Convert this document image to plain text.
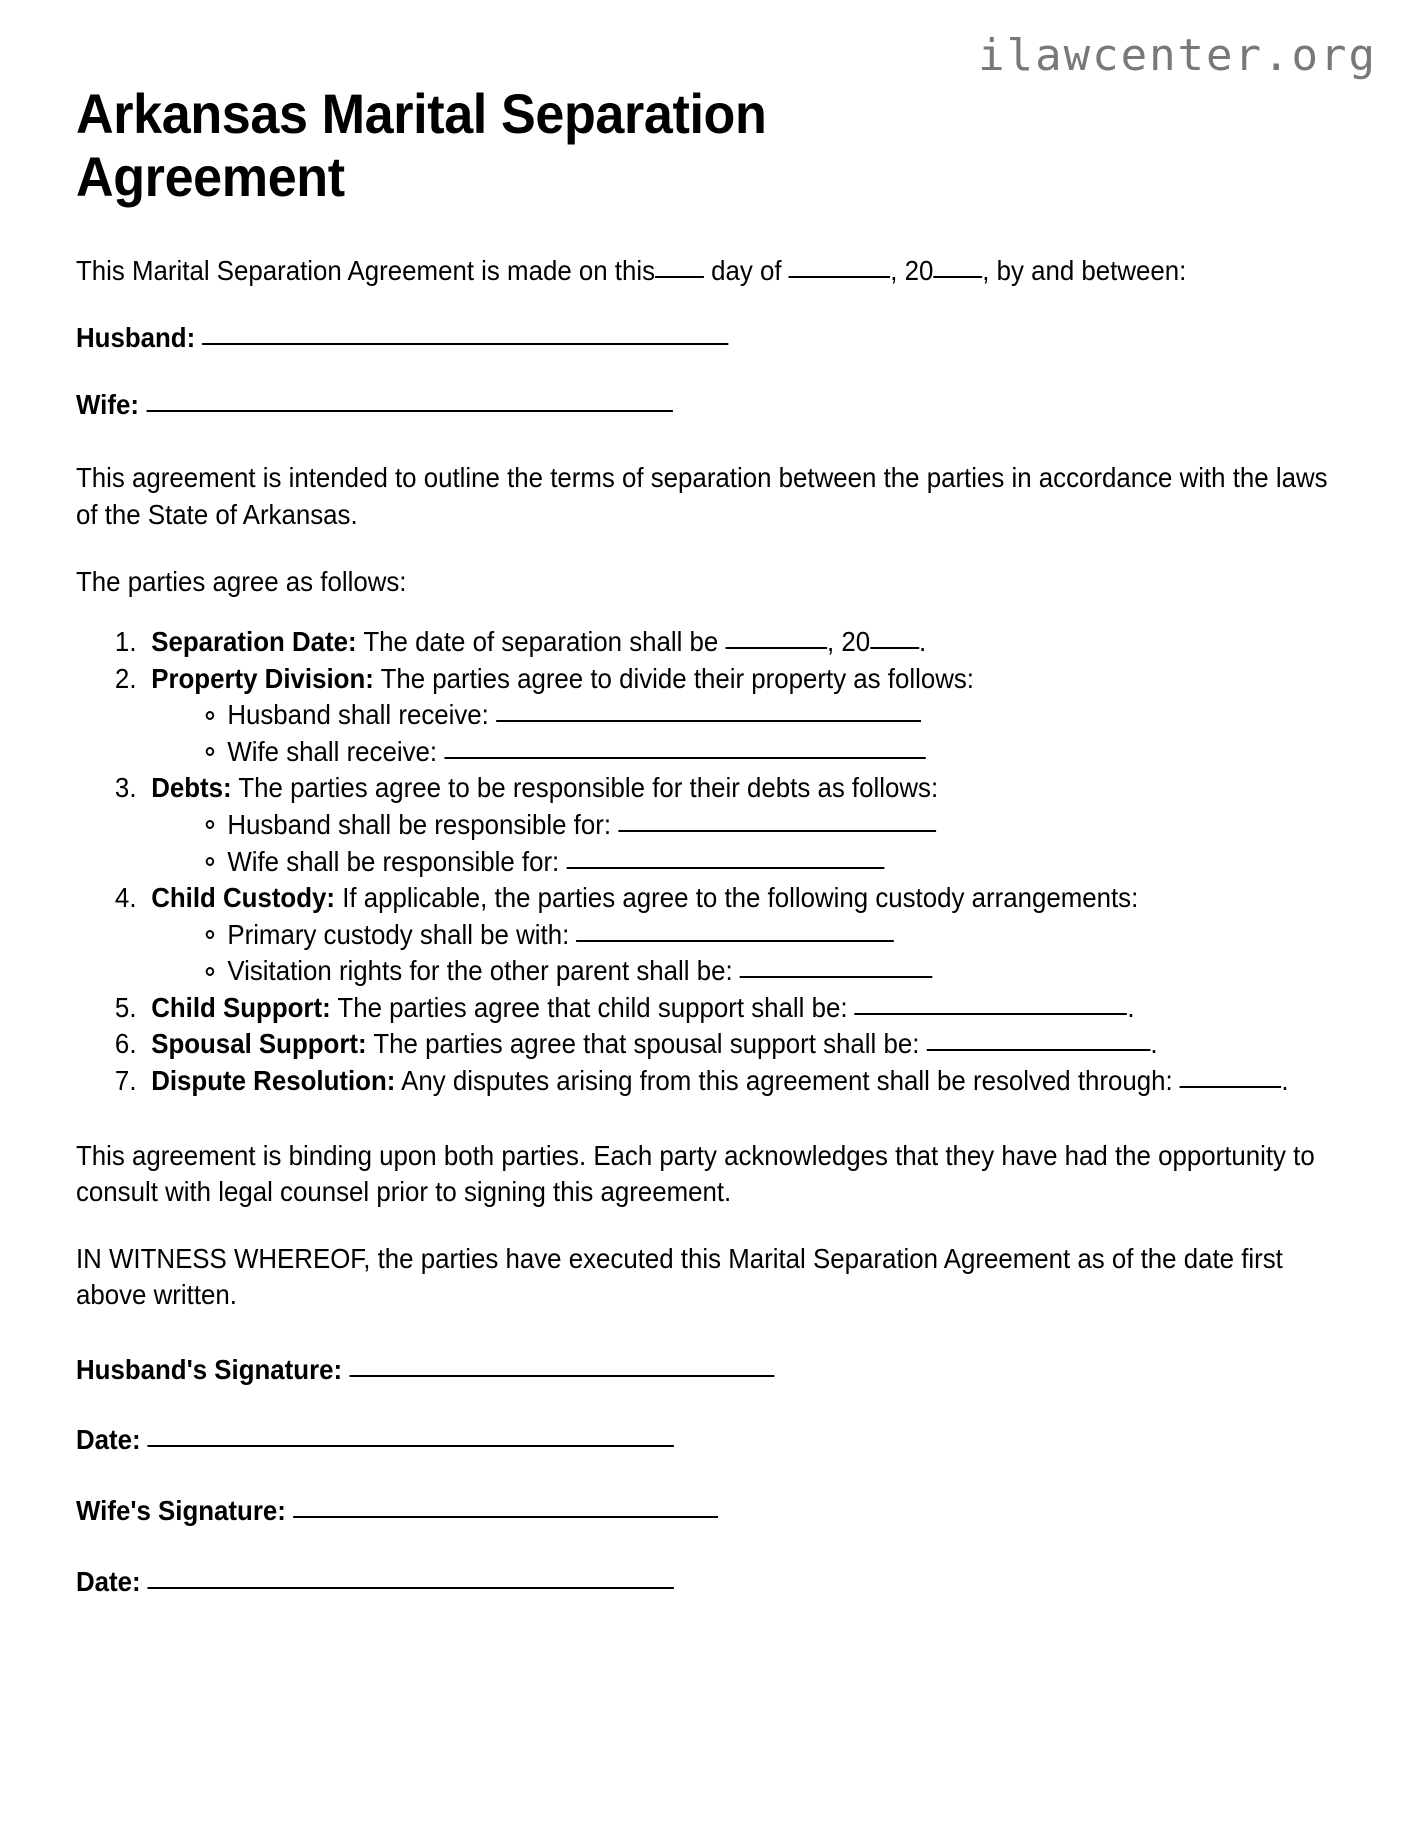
ilawcenter.org
Arkansas Marital Separation Agreement

This Marital Separation Agreement is made on this day of	, 20 , by and between:

Husband:
Wife:

This agreement is intended to outline the terms of separation between the parties in accordance with the laws of the State of Arkansas.

The parties agree as follows:

1. Separation Date: The date of separation shall be	, 20 .
2. Property Division: The parties agree to divide their property as follows:
Husband shall receive:
Wife shall receive:
3. Debts: The parties agree to be responsible for their debts as follows:
Husband shall be responsible for:
Wife shall be responsible for:
4. Child Custody: If applicable, the parties agree to the following custody arrangements:
Primary custody shall be with:
Visitation rights for the other parent shall be:
5. Child Support: The parties agree that child support shall be:	.
6. Spousal Support: The parties agree that spousal support shall be:	.
7. Dispute Resolution: Any disputes arising from this agreement shall be resolved through:	.

This agreement is binding upon both parties. Each party acknowledges that they have had the opportunity to consult with legal counsel prior to signing this agreement.

IN WITNESS WHEREOF, the parties have executed this Marital Separation Agreement as of the date first above written.

Husband's Signature:
Date:
Wife's Signature:
Date:
